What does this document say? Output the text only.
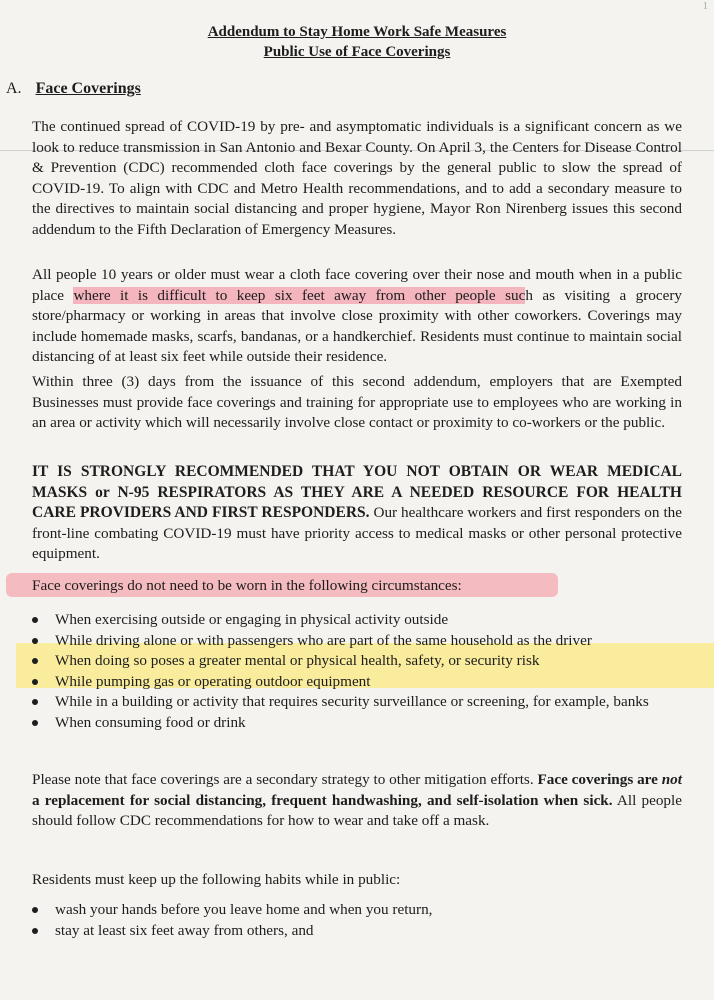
1
Addendum to Stay Home Work Safe Measures
Public Use of Face Coverings
A. Face Coverings
The continued spread of COVID-19 by pre- and asymptomatic individuals is a significant concern as we look to reduce transmission in San Antonio and Bexar County. On April 3, the Centers for Disease Control & Prevention (CDC) recommended cloth face coverings by the general public to slow the spread of COVID-19. To align with CDC and Metro Health recommendations, and to add a secondary measure to the directives to maintain social distancing and proper hygiene, Mayor Ron Nirenberg issues this second addendum to the Fifth Declaration of Emergency Measures.
All people 10 years or older must wear a cloth face covering over their nose and mouth when in a public place where it is difficult to keep six feet away from other people such as visiting a grocery store/pharmacy or working in areas that involve close proximity with other coworkers. Coverings may include homemade masks, scarfs, bandanas, or a handkerchief. Residents must continue to maintain social distancing of at least six feet while outside their residence.
Within three (3) days from the issuance of this second addendum, employers that are Exempted Businesses must provide face coverings and training for appropriate use to employees who are working in an area or activity which will necessarily involve close contact or proximity to co-workers or the public.
IT IS STRONGLY RECOMMENDED THAT YOU NOT OBTAIN OR WEAR MEDICAL MASKS or N-95 RESPIRATORS AS THEY ARE A NEEDED RESOURCE FOR HEALTH CARE PROVIDERS AND FIRST RESPONDERS. Our healthcare workers and first responders on the front-line combating COVID-19 must have priority access to medical masks or other personal protective equipment.
Face coverings do not need to be worn in the following circumstances:
When exercising outside or engaging in physical activity outside
While driving alone or with passengers who are part of the same household as the driver
When doing so poses a greater mental or physical health, safety, or security risk
While pumping gas or operating outdoor equipment
While in a building or activity that requires security surveillance or screening, for example, banks
When consuming food or drink
Please note that face coverings are a secondary strategy to other mitigation efforts. Face coverings are not a replacement for social distancing, frequent handwashing, and self-isolation when sick. All people should follow CDC recommendations for how to wear and take off a mask.
Residents must keep up the following habits while in public:
wash your hands before you leave home and when you return,
stay at least six feet away from others, and
